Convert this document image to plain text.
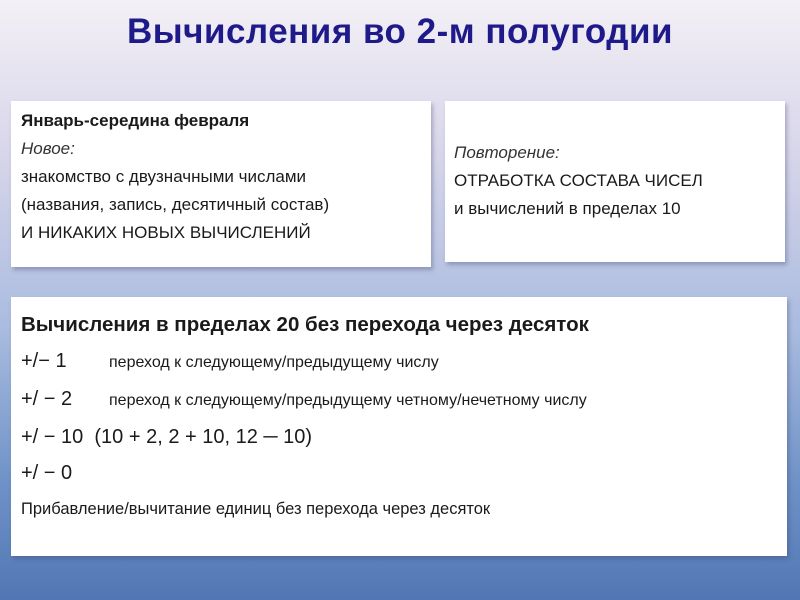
Вычисления во 2-м полугодии
Январь-середина февраля
Новое:
знакомство с двузначными числами
(названия, запись, десятичный состав)
И НИКАКИХ НОВЫХ ВЫЧИСЛЕНИЙ
Повторение:
ОТРАБОТКА СОСТАВА ЧИСЕЛ
и вычислений в пределах 10
Вычисления в пределах 20 без перехода через десяток
+/− 1	переход к следующему/предыдущему числу
+/ − 2 переход к следующему/предыдущему четному/нечетному числу
+/ − 10  (10 + 2, 2 + 10, 12 ─ 10)
+/ − 0
Прибавление/вычитание единиц без перехода через десяток
